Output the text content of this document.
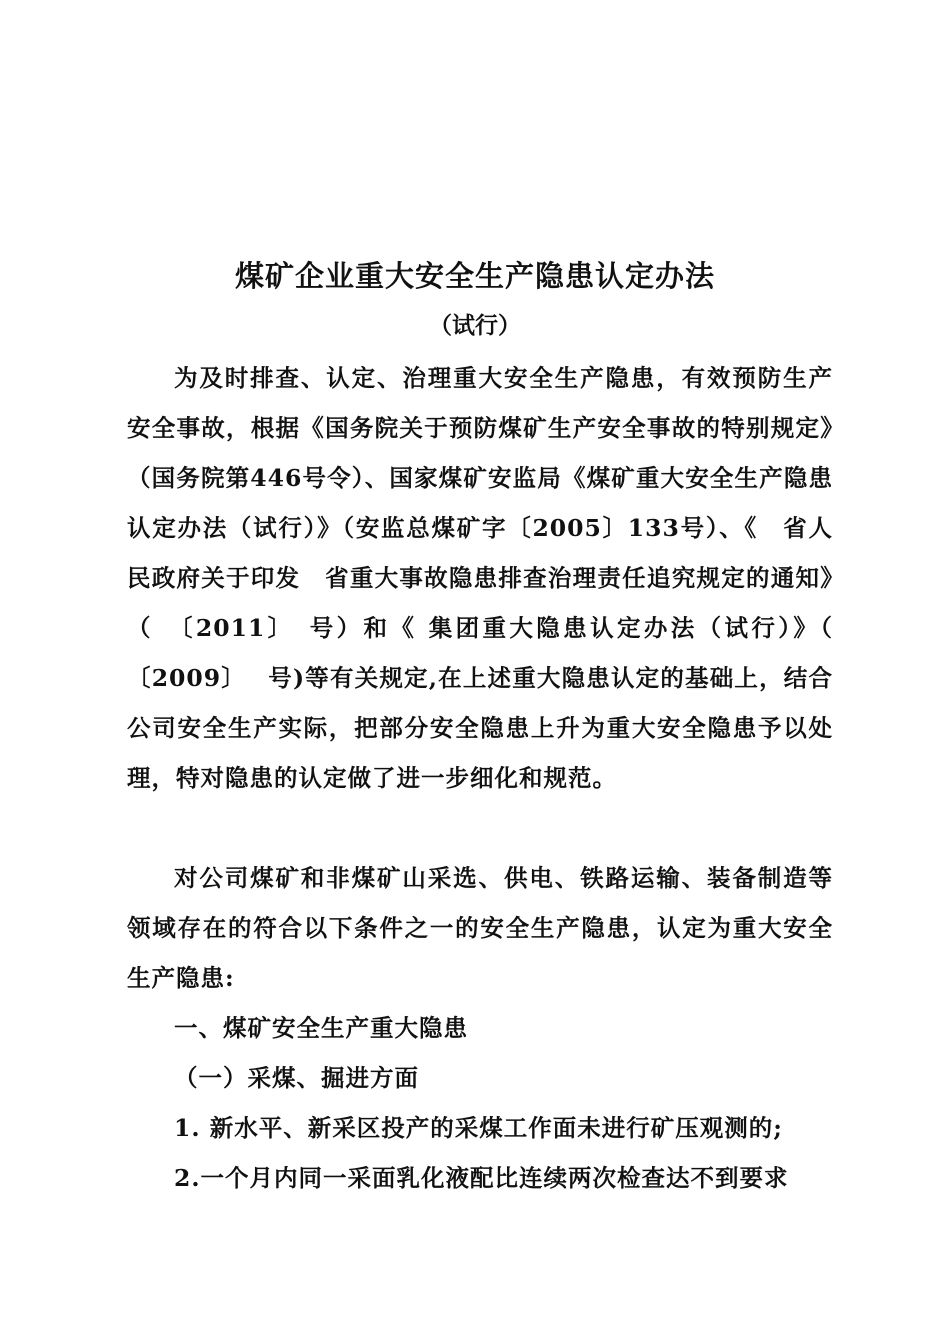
煤矿企业重大安全生产隐患认定办法
（试行）

为及时排查、认定、治理重大安全生产隐患，有效预防生产安全事故，根据《国务院关于预防煤矿生产安全事故的特别规定》（国务院第446号令）、国家煤矿安监局《煤矿重大安全生产隐患认定办法（试行）》（安监总煤矿字〔2005〕133号）、《　省人民政府关于印发　省重大事故隐患排查治理责任追究规定的通知》（　〔2011〕　号）和《 集团重大隐患认定办法（试行）》（ 〔2009〕　 号)等有关规定,在上述重大隐患认定的基础上，结合公司安全生产实际，把部分安全隐患上升为重大安全隐患予以处理，特对隐患的认定做了进一步细化和规范。

对公司煤矿和非煤矿山采选、供电、铁路运输、装备制造等领域存在的符合以下条件之一的安全生产隐患，认定为重大安全生产隐患:

一、煤矿安全生产重大隐患
（一）采煤、掘进方面
1. 新水平、新采区投产的采煤工作面未进行矿压观测的;
2.一个月内同一采面乳化液配比连续两次检查达不到要求
